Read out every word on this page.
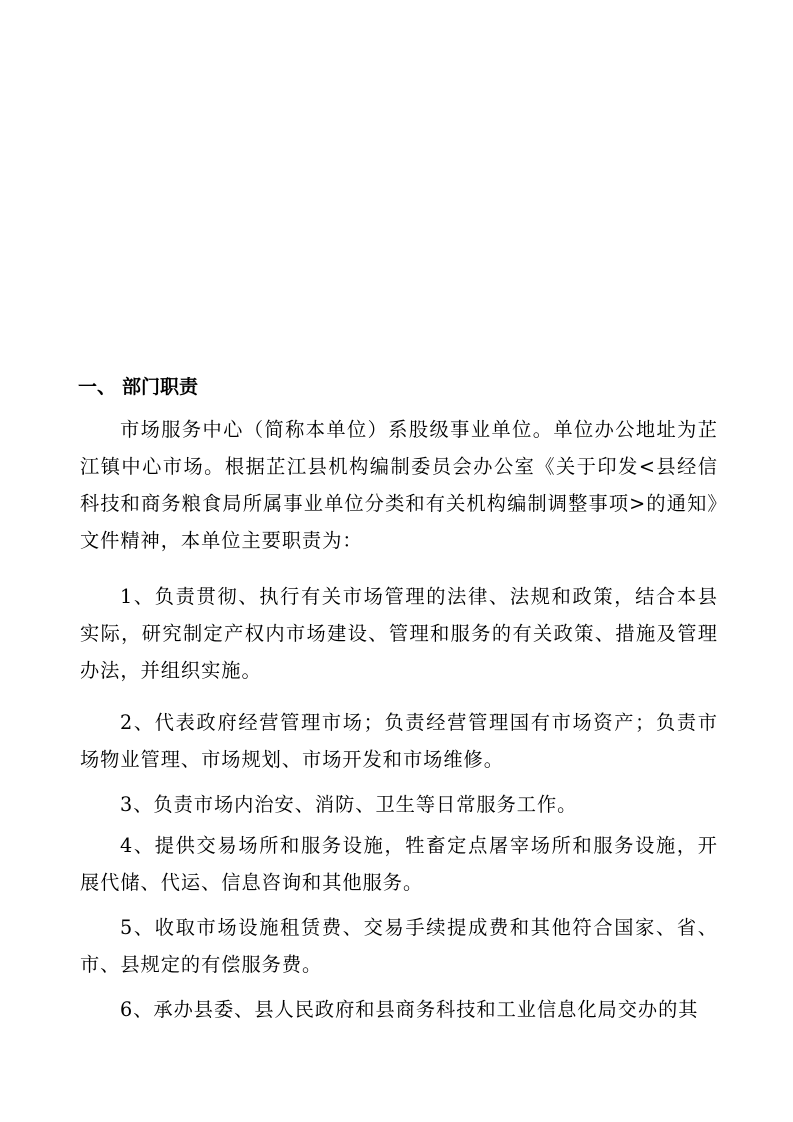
一、 部门职责

市场服务中心（简称本单位）系股级事业单位。单位办公地址为芷江镇中心市场。根据芷江县机构编制委员会办公室《关于印发<县经信科技和商务粮食局所属事业单位分类和有关机构编制调整事项>的通知》文件精神，本单位主要职责为：

1、负责贯彻、执行有关市场管理的法律、法规和政策，结合本县实际，研究制定产权内市场建设、管理和服务的有关政策、措施及管理办法，并组织实施。

2、代表政府经营管理市场；负责经营管理国有市场资产；负责市场物业管理、市场规划、市场开发和市场维修。

3、负责市场内治安、消防、卫生等日常服务工作。

4、提供交易场所和服务设施，牲畜定点屠宰场所和服务设施，开展代储、代运、信息咨询和其他服务。

5、收取市场设施租赁费、交易手续提成费和其他符合国家、省、市、县规定的有偿服务费。

6、承办县委、县人民政府和县商务科技和工业信息化局交办的其
